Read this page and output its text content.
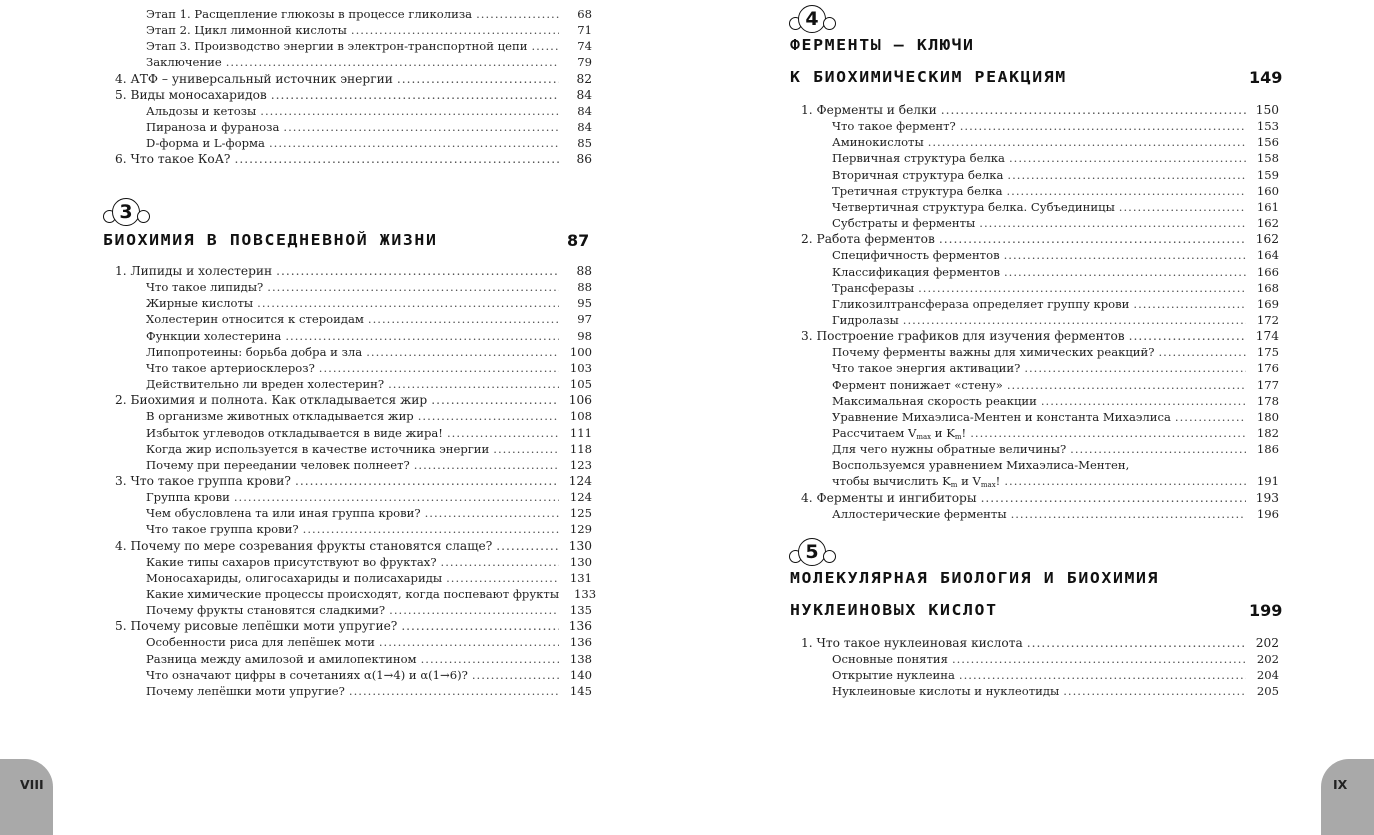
Этап 1. Расщепление глюкозы в процессе гликолиза .....	68
Этап 2. Цикл лимонной кислоты .....	71
Этап 3. Производство энергии в электрон-транспортной цепи .....	74
Заключение .....	79
4. АТФ – универсальный источник энергии .....	82
5. Виды моносахаридов .....	84
Альдозы и кетозы .....	84
Пираноза и фураноза .....	84
D-форма и L-форма .....	85
6. Что такое КоА? .....	86
1. Липиды и холестерин .....	88
Что такое липиды? .....	88
Жирные кислоты .....	95
Холестерин относится к стероидам .....	97
Функции холестерина .....	98
Липопротеины: борьба добра и зла .....	100
Что такое артериосклероз? .....	103
Действительно ли вреден холестерин? .....	105
2. Биохимия и полнота. Как откладывается жир .....	106
В организме животных откладывается жир .....	108
Избыток углеводов откладывается в виде жира! .....	111
Когда жир используется в качестве источника энергии .....	118
Почему при переедании человек полнеет? .....	123
3. Что такое группа крови? .....	124
Группа крови .....	124
Чем обусловлена та или иная группа крови? .....	125
Что такое группа крови? .....	129
4. Почему по мере созревания фрукты становятся слаще? .....	130
Какие типы сахаров присутствуют во фруктах? .....	130
Моносахариды, олигосахариды и полисахариды .....	131
Какие химические процессы происходят, когда поспевают фрукты	133
Почему фрукты становятся сладкими? .....	135
5. Почему рисовые лепёшки моти упругие? .....	136
Особенности риса для лепёшек моти .....	136
Разница между амилозой и амилопектином .....	138
Что означают цифры в сочетаниях α(1→4) и α(1→6)? .....	140
Почему лепёшки моти упругие? .....	145
1. Ферменты и белки .....	150
Что такое фермент? .....	153
Аминокислоты .....	156
Первичная структура белка .....	158
Вторичная структура белка .....	159
Третичная структура белка .....	160
Четвертичная структура белка. Субъединицы .....	161
Субстраты и ферменты .....	162
2. Работа ферментов .....	162
Специфичность ферментов .....	164
Классификация ферментов .....	166
Трансферазы .....	168
Гликозилтрансфераза определяет группу крови .....	169
Гидролазы .....	172
3. Построение графиков для изучения ферментов .....	174
Почему ферменты важны для химических реакций? .....	175
Что такое энергия активации? .....	176
Фермент понижает «стену» .....	177
Максимальная скорость реакции .....	178
Уравнение Михаэлиса-Ментен и константа Михаэлиса .....	180
Рассчитаем $V_{max}$ и $K_m$! .....	182
Для чего нужны обратные величины? .....	186
Воспользуемся уравнением Михаэлиса-Ментен,
чтобы вычислить $K_m$ и $V_{max}$! .....	191
4. Ферменты и ингибиторы .....	193
Аллостерические ферменты .....	196
1. Что такое нуклеиновая кислота .....	202
Основные понятия .....	202
Открытие нуклеина .....	204
Нуклеиновые кислоты и нуклеотиды .....	205
3
БИОХИМИЯ В ПОВСЕДНЕВНОЙ ЖИЗНИ	87
4
ФЕРМЕНТЫ – КЛЮЧИ
К БИОХИМИЧЕСКИМ РЕАКЦИЯМ	149
5
МОЛЕКУЛЯРНАЯ БИОЛОГИЯ И БИОХИМИЯ
НУКЛЕИНОВЫХ КИСЛОТ	199
VIII	IX
